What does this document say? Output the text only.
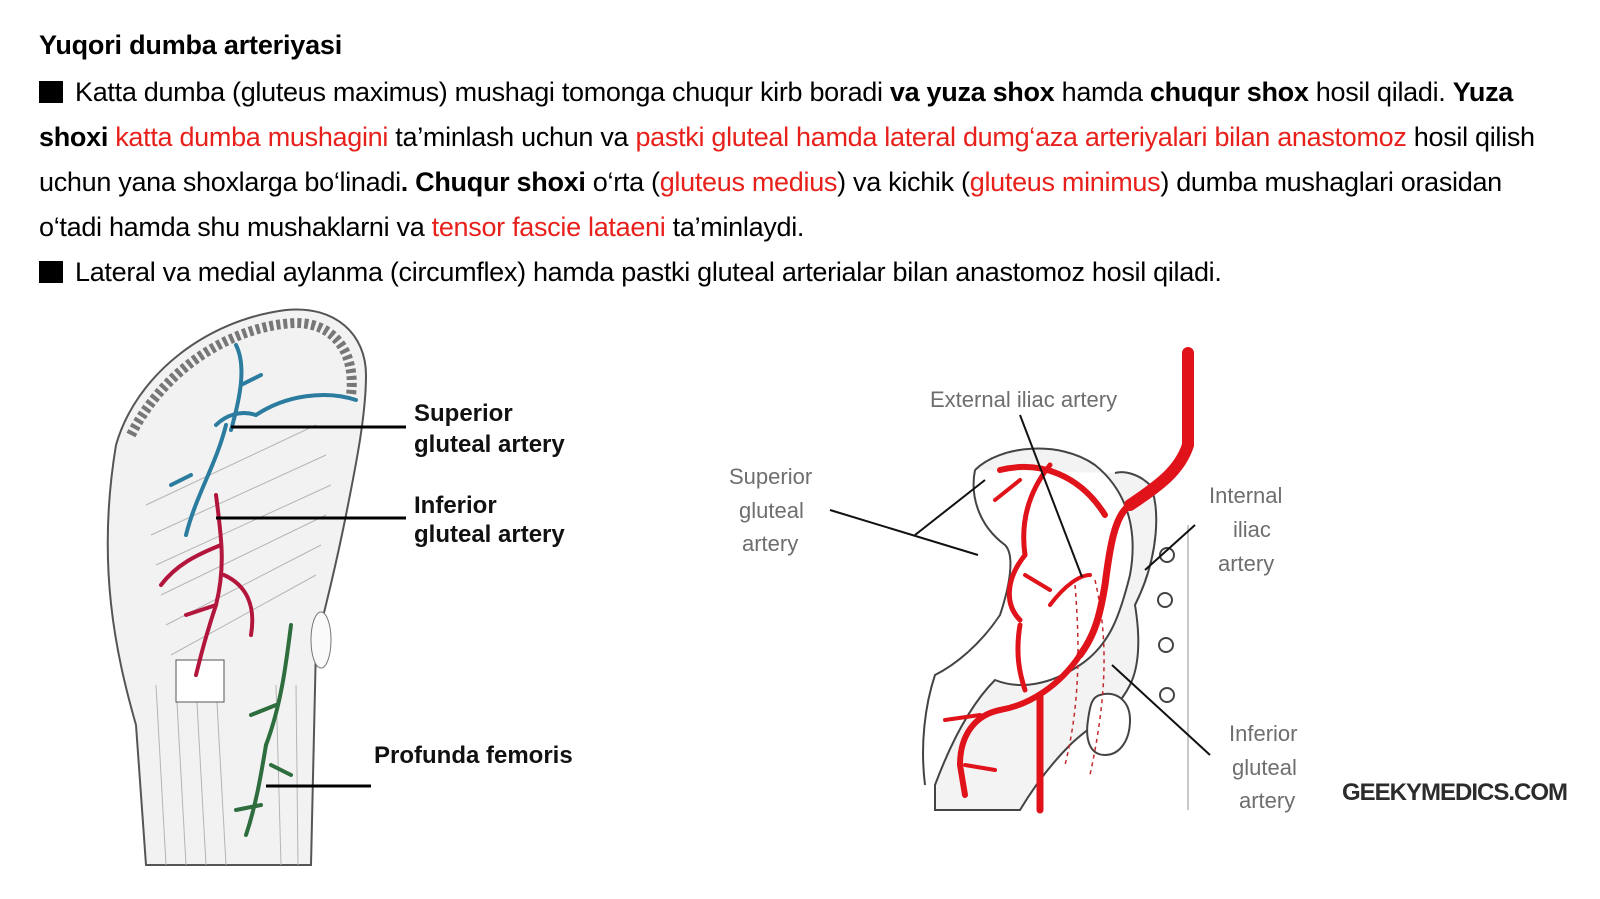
Yuqori dumba arteriyasi

Katta dumba (gluteus maximus) mushagi tomonga chuqur kirb boradi va yuza shox hamda chuqur shox hosil qiladi. Yuza shoxi katta dumba mushagini ta’minlash uchun va pastki gluteal hamda lateral dumg‘aza arteriyalari bilan anastomoz hosil qilish uchun yana shoxlarga bo‘linadi. Chuqur shoxi o‘rta (gluteus medius) va kichik (gluteus minimus) dumba mushaglari orasidan o‘tadi hamda shu mushaklarni va tensor fascie lataeni ta’minlaydi.

Lateral va medial aylanma (circumflex) hamda pastki gluteal arterialar bilan anastomoz hosil qiladi.

Superior
gluteal artery
Inferior
gluteal artery
Profunda femoris
External iliac artery
Superior
gluteal
artery
Internal
iliac
artery
Inferior
gluteal
artery GEEKYMEDICS.COM
